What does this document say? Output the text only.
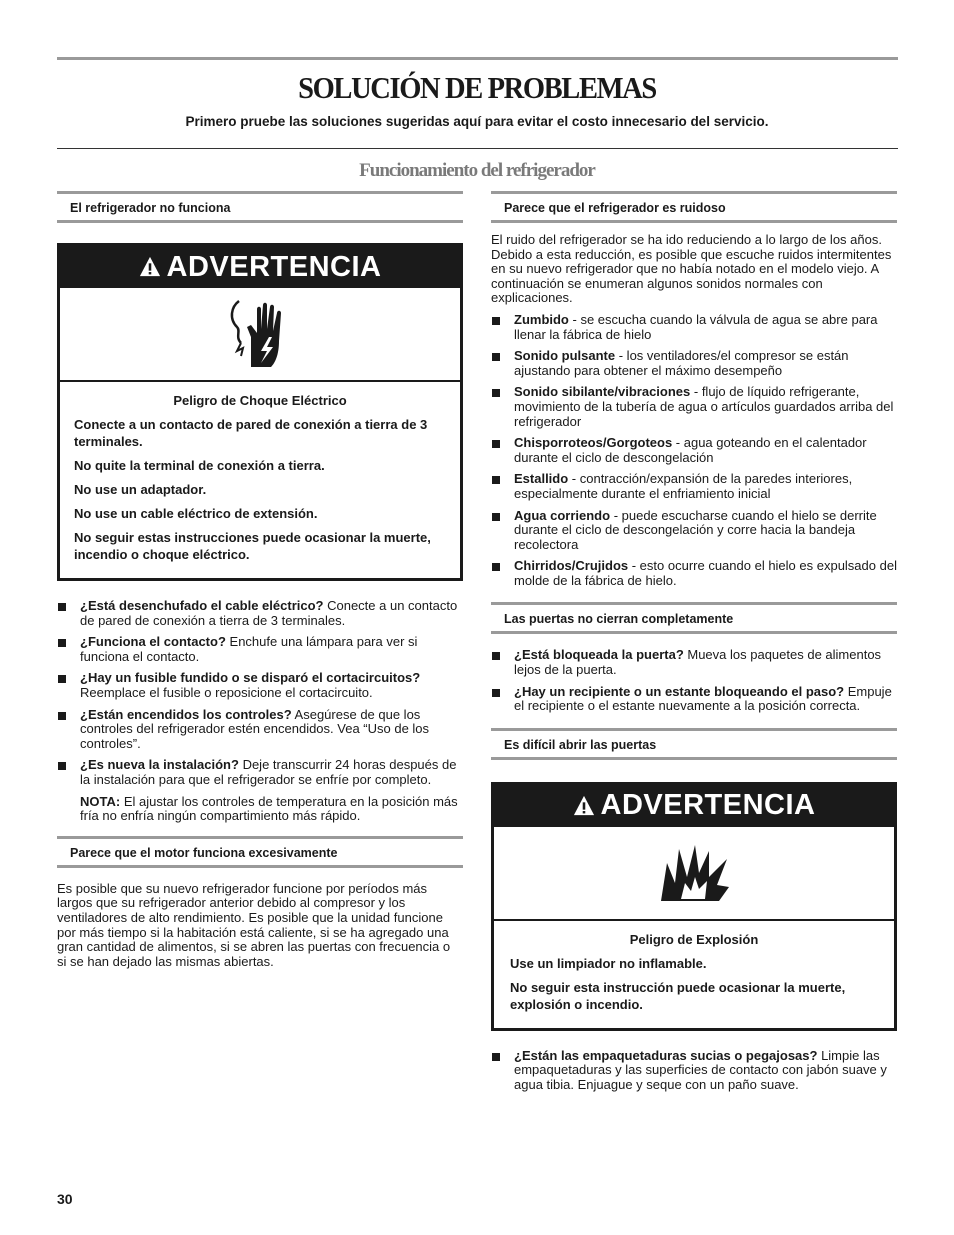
SOLUCIÓN DE PROBLEMAS
Primero pruebe las soluciones sugeridas aquí para evitar el costo innecesario del servicio.
Funcionamiento del refrigerador
El refrigerador no funciona
ADVERTENCIA
Peligro de Choque Eléctrico

Conecte a un contacto de pared de conexión a tierra de 3 terminales.

No quite la terminal de conexión a tierra.

No use un adaptador.

No use un cable eléctrico de extensión.

No seguir estas instrucciones puede ocasionar la muerte, incendio o choque eléctrico.

¿Está desenchufado el cable eléctrico? Conecte a un contacto de pared de conexión a tierra de 3 terminales.
¿Funciona el contacto? Enchufe una lámpara para ver si funciona el contacto.
¿Hay un fusible fundido o se disparó el cortacircuitos? Reemplace el fusible o reposicione el cortacircuito.
¿Están encendidos los controles? Asegúrese de que los controles del refrigerador estén encendidos. Vea “Uso de los controles”.
¿Es nueva la instalación? Deje transcurrir 24 horas después de la instalación para que el refrigerador se enfríe por completo.
NOTA: El ajustar los controles de temperatura en la posición más fría no enfría ningún compartimiento más rápido.
Parece que el motor funciona excesivamente
Es posible que su nuevo refrigerador funcione por períodos más largos que su refrigerador anterior debido al compresor y los ventiladores de alto rendimiento. Es posible que la unidad funcione por más tiempo si la habitación está caliente, si se ha agregado una gran cantidad de alimentos, si se abren las puertas con frecuencia o si se han dejado las mismas abiertas.
Parece que el refrigerador es ruidoso
El ruido del refrigerador se ha ido reduciendo a lo largo de los años. Debido a esta reducción, es posible que escuche ruidos intermitentes en su nuevo refrigerador que no había notado en el modelo viejo. A continuación se enumeran algunos sonidos normales con explicaciones.
Zumbido - se escucha cuando la válvula de agua se abre para llenar la fábrica de hielo
Sonido pulsante - los ventiladores/el compresor se están ajustando para obtener el máximo desempeño
Sonido sibilante/vibraciones - flujo de líquido refrigerante, movimiento de la tubería de agua o artículos guardados arriba del refrigerador
Chisporroteos/Gorgoteos - agua goteando en el calentador durante el ciclo de descongelación
Estallido - contracción/expansión de la paredes interiores, especialmente durante el enfriamiento inicial
Agua corriendo - puede escucharse cuando el hielo se derrite durante el ciclo de descongelación y corre hacia la bandeja recolectora
Chirridos/Crujidos - esto ocurre cuando el hielo es expulsado del molde de la fábrica de hielo.
Las puertas no cierran completamente
¿Está bloqueada la puerta? Mueva los paquetes de alimentos lejos de la puerta.
¿Hay un recipiente o un estante bloqueando el paso? Empuje el recipiente o el estante nuevamente a la posición correcta.
Es difícil abrir las puertas
ADVERTENCIA
Peligro de Explosión

Use un limpiador no inflamable.

No seguir esta instrucción puede ocasionar la muerte, explosión o incendio.

¿Están las empaquetaduras sucias o pegajosas? Limpie las empaquetaduras y las superficies de contacto con jabón suave y agua tibia. Enjuague y seque con un paño suave.
30
